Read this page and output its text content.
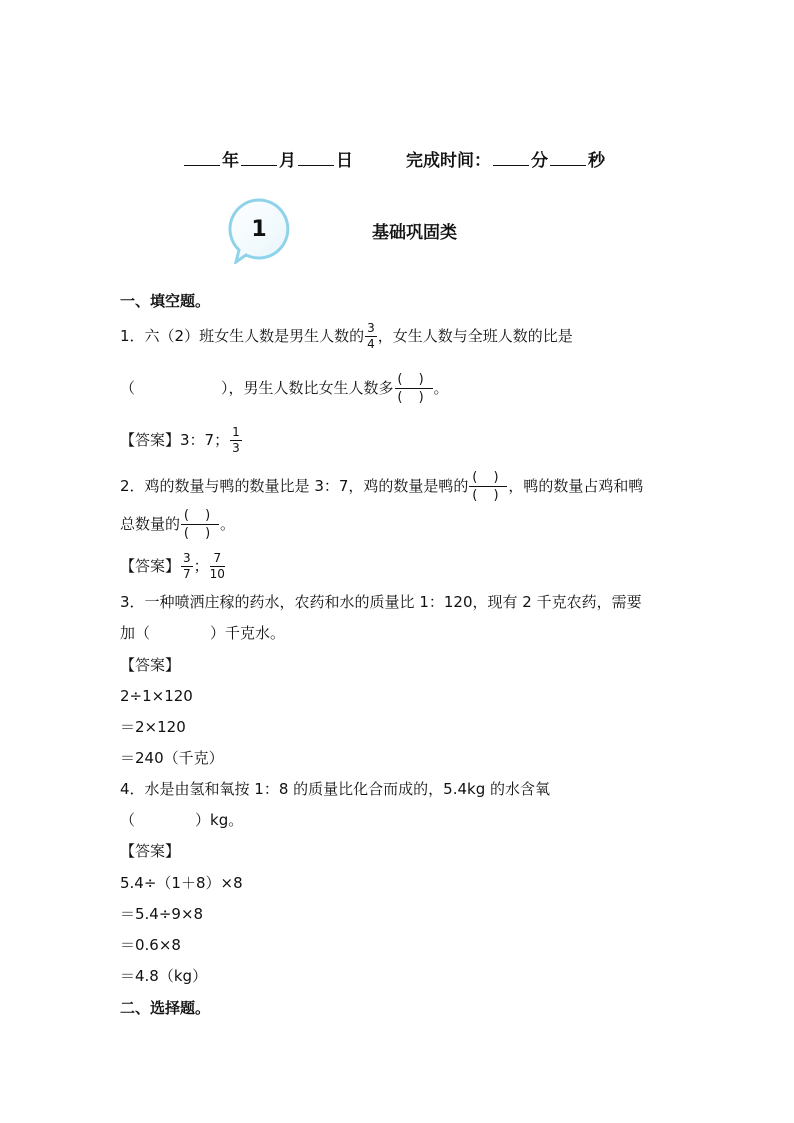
年 月 日	完成时间： 分 秒
1	基础巩固类
一、填空题。
1．六（2）班女生人数是男生人数的 $\frac{3}{4}$ ，女生人数与全班人数的比是
（	），男生人数比女生人数多 $\frac{( )}{( )}$ 。
【答案】3：7； $\frac{1}{3}$
2．鸡的数量与鸭的数量比是 3：7，鸡的数量是鸭的 $\frac{( )}{( )}$ ，鸭的数量占鸡和鸭
总数量的 $\frac{( )}{( )}$ 。
【答案】 $\frac{3}{7}$ ； $\frac{7}{10}$
3．一种喷洒庄稼的药水，农药和水的质量比 1：120，现有 2 千克农药，需要
加（	）千克水。
【答案】
2÷1×120
＝2×120
＝240（千克）
4．水是由氢和氧按 1：8 的质量比化合而成的，5.4kg 的水含氧
（	）kg。
【答案】
5.4÷（1＋8）×8
＝5.4÷9×8
＝0.6×8
＝4.8（kg）
二、选择题。
